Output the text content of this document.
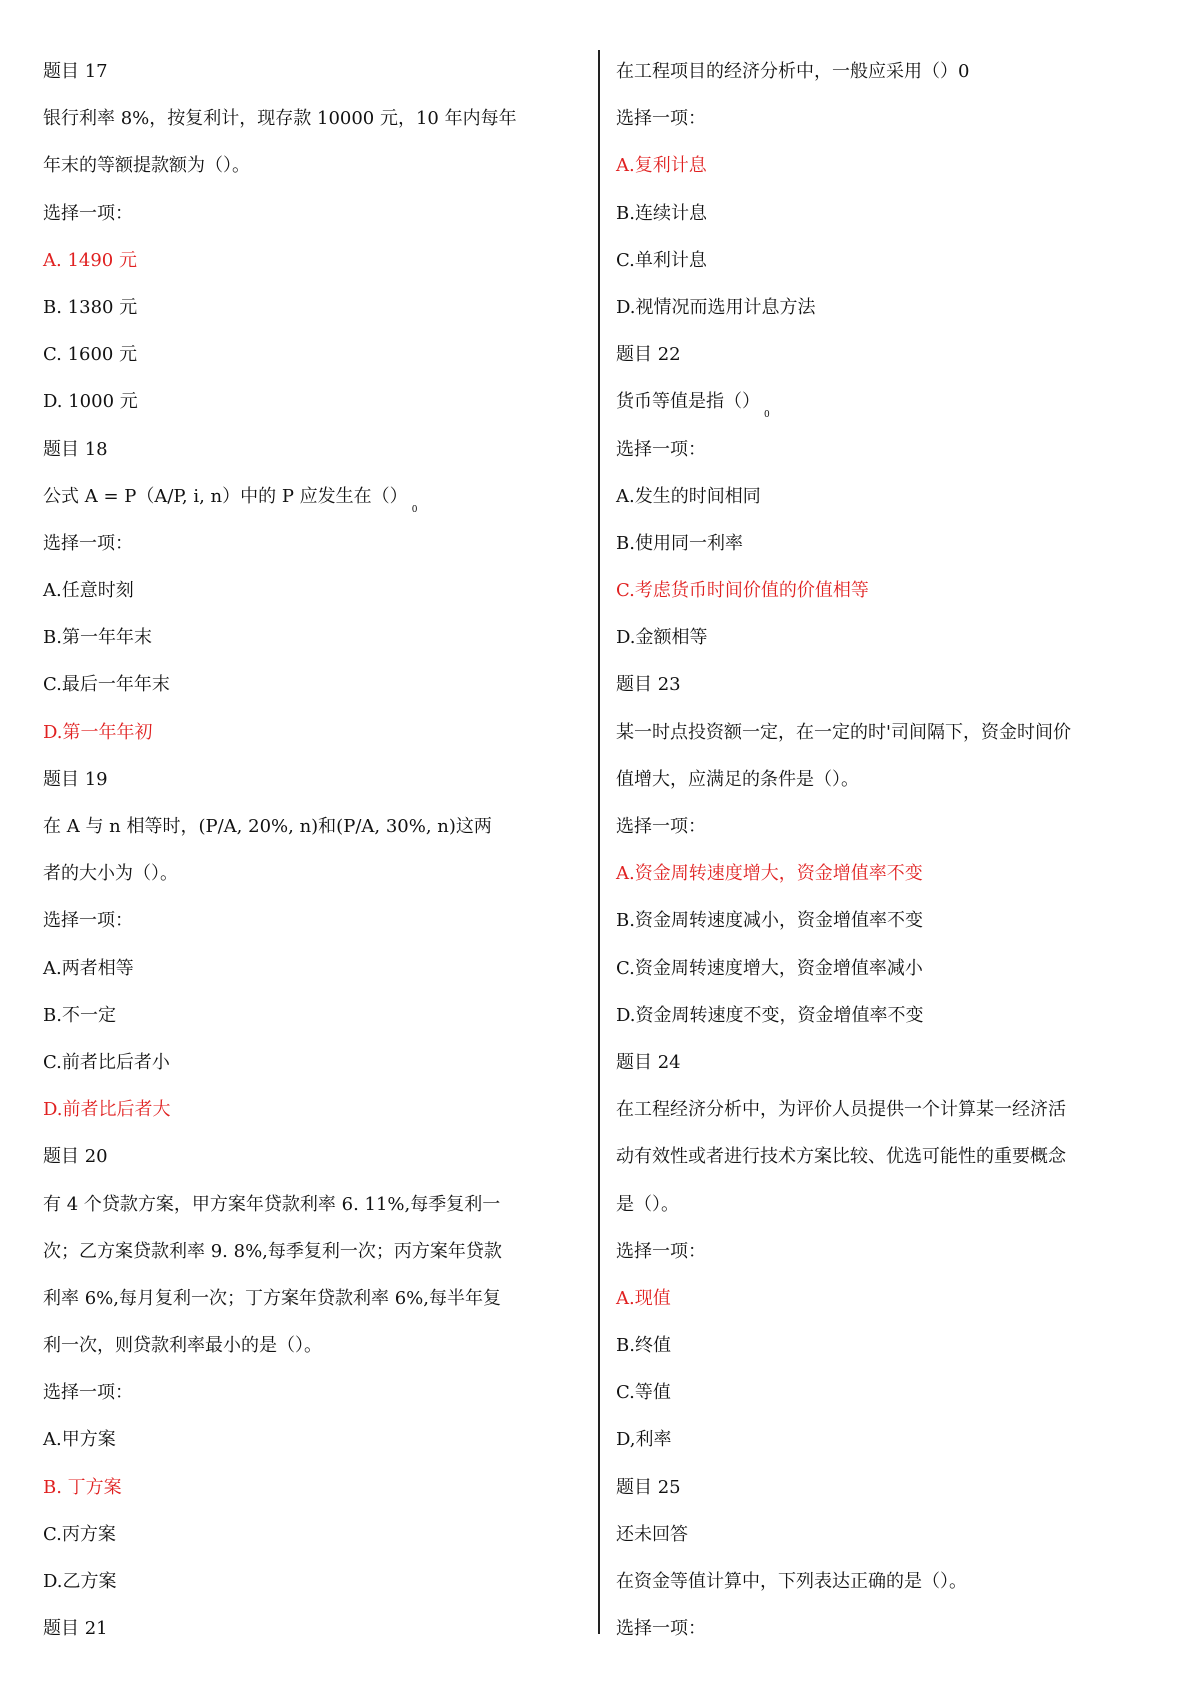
题目 17
银行利率 8%，按复利计，现存款 10000 元，10 年内每年
年末的等额提款额为（）。
选择一项：
A. 1490 元
B. 1380 元
C. 1600 元
D. 1000 元
题目 18
公式 A = P（A/P, i, n）中的 P 应发生在$()_0$
选择一项：
A.任意时刻
B.第一年年末
C.最后一年年末
D.第一年年初
题目 19
在 A 与 n 相等时，(P/A, 20%, n)和(P/A, 30%, n)这两
者的大小为（）。
选择一项：
A.两者相等
B.不一定
C.前者比后者小
D.前者比后者大
题目 20
有 4 个贷款方案，甲方案年贷款利率 6. 11%,每季复利一
次；乙方案贷款利率 9. 8%,每季复利一次；丙方案年贷款
利率 6%,每月复利一次；丁方案年贷款利率 6%,每半年复
利一次，则贷款利率最小的是（）。
选择一项：
A.甲方案
B. 丁方案
C.丙方案
D.乙方案
题目 21
在工程项目的经济分析中，一般应采用（）0
选择一项：
A.复利计息
B.连续计息
C.单利计息
D.视情况而选用计息方法
题目 22
货币等值是指$()_0$
选择一项：
A.发生的时间相同
B.使用同一利率
C.考虑货币时间价值的价值相等
D.金额相等
题目 23
某一时点投资额一定，在一定的时'司间隔下，资金时间价
值增大，应满足的条件是（）。
选择一项：
A.资金周转速度增大，资金增值率不变
B.资金周转速度减小，资金增值率不变
C.资金周转速度增大，资金增值率减小
D.资金周转速度不变，资金增值率不变
题目 24
在工程经济分析中，为评价人员提供一个计算某一经济活
动有效性或者进行技术方案比较、优选可能性的重要概念
是（）。
选择一项：
A.现值
B.终值
C.等值
D,利率
题目 25
还未回答
在资金等值计算中，下列表达正确的是（）。
选择一项：
